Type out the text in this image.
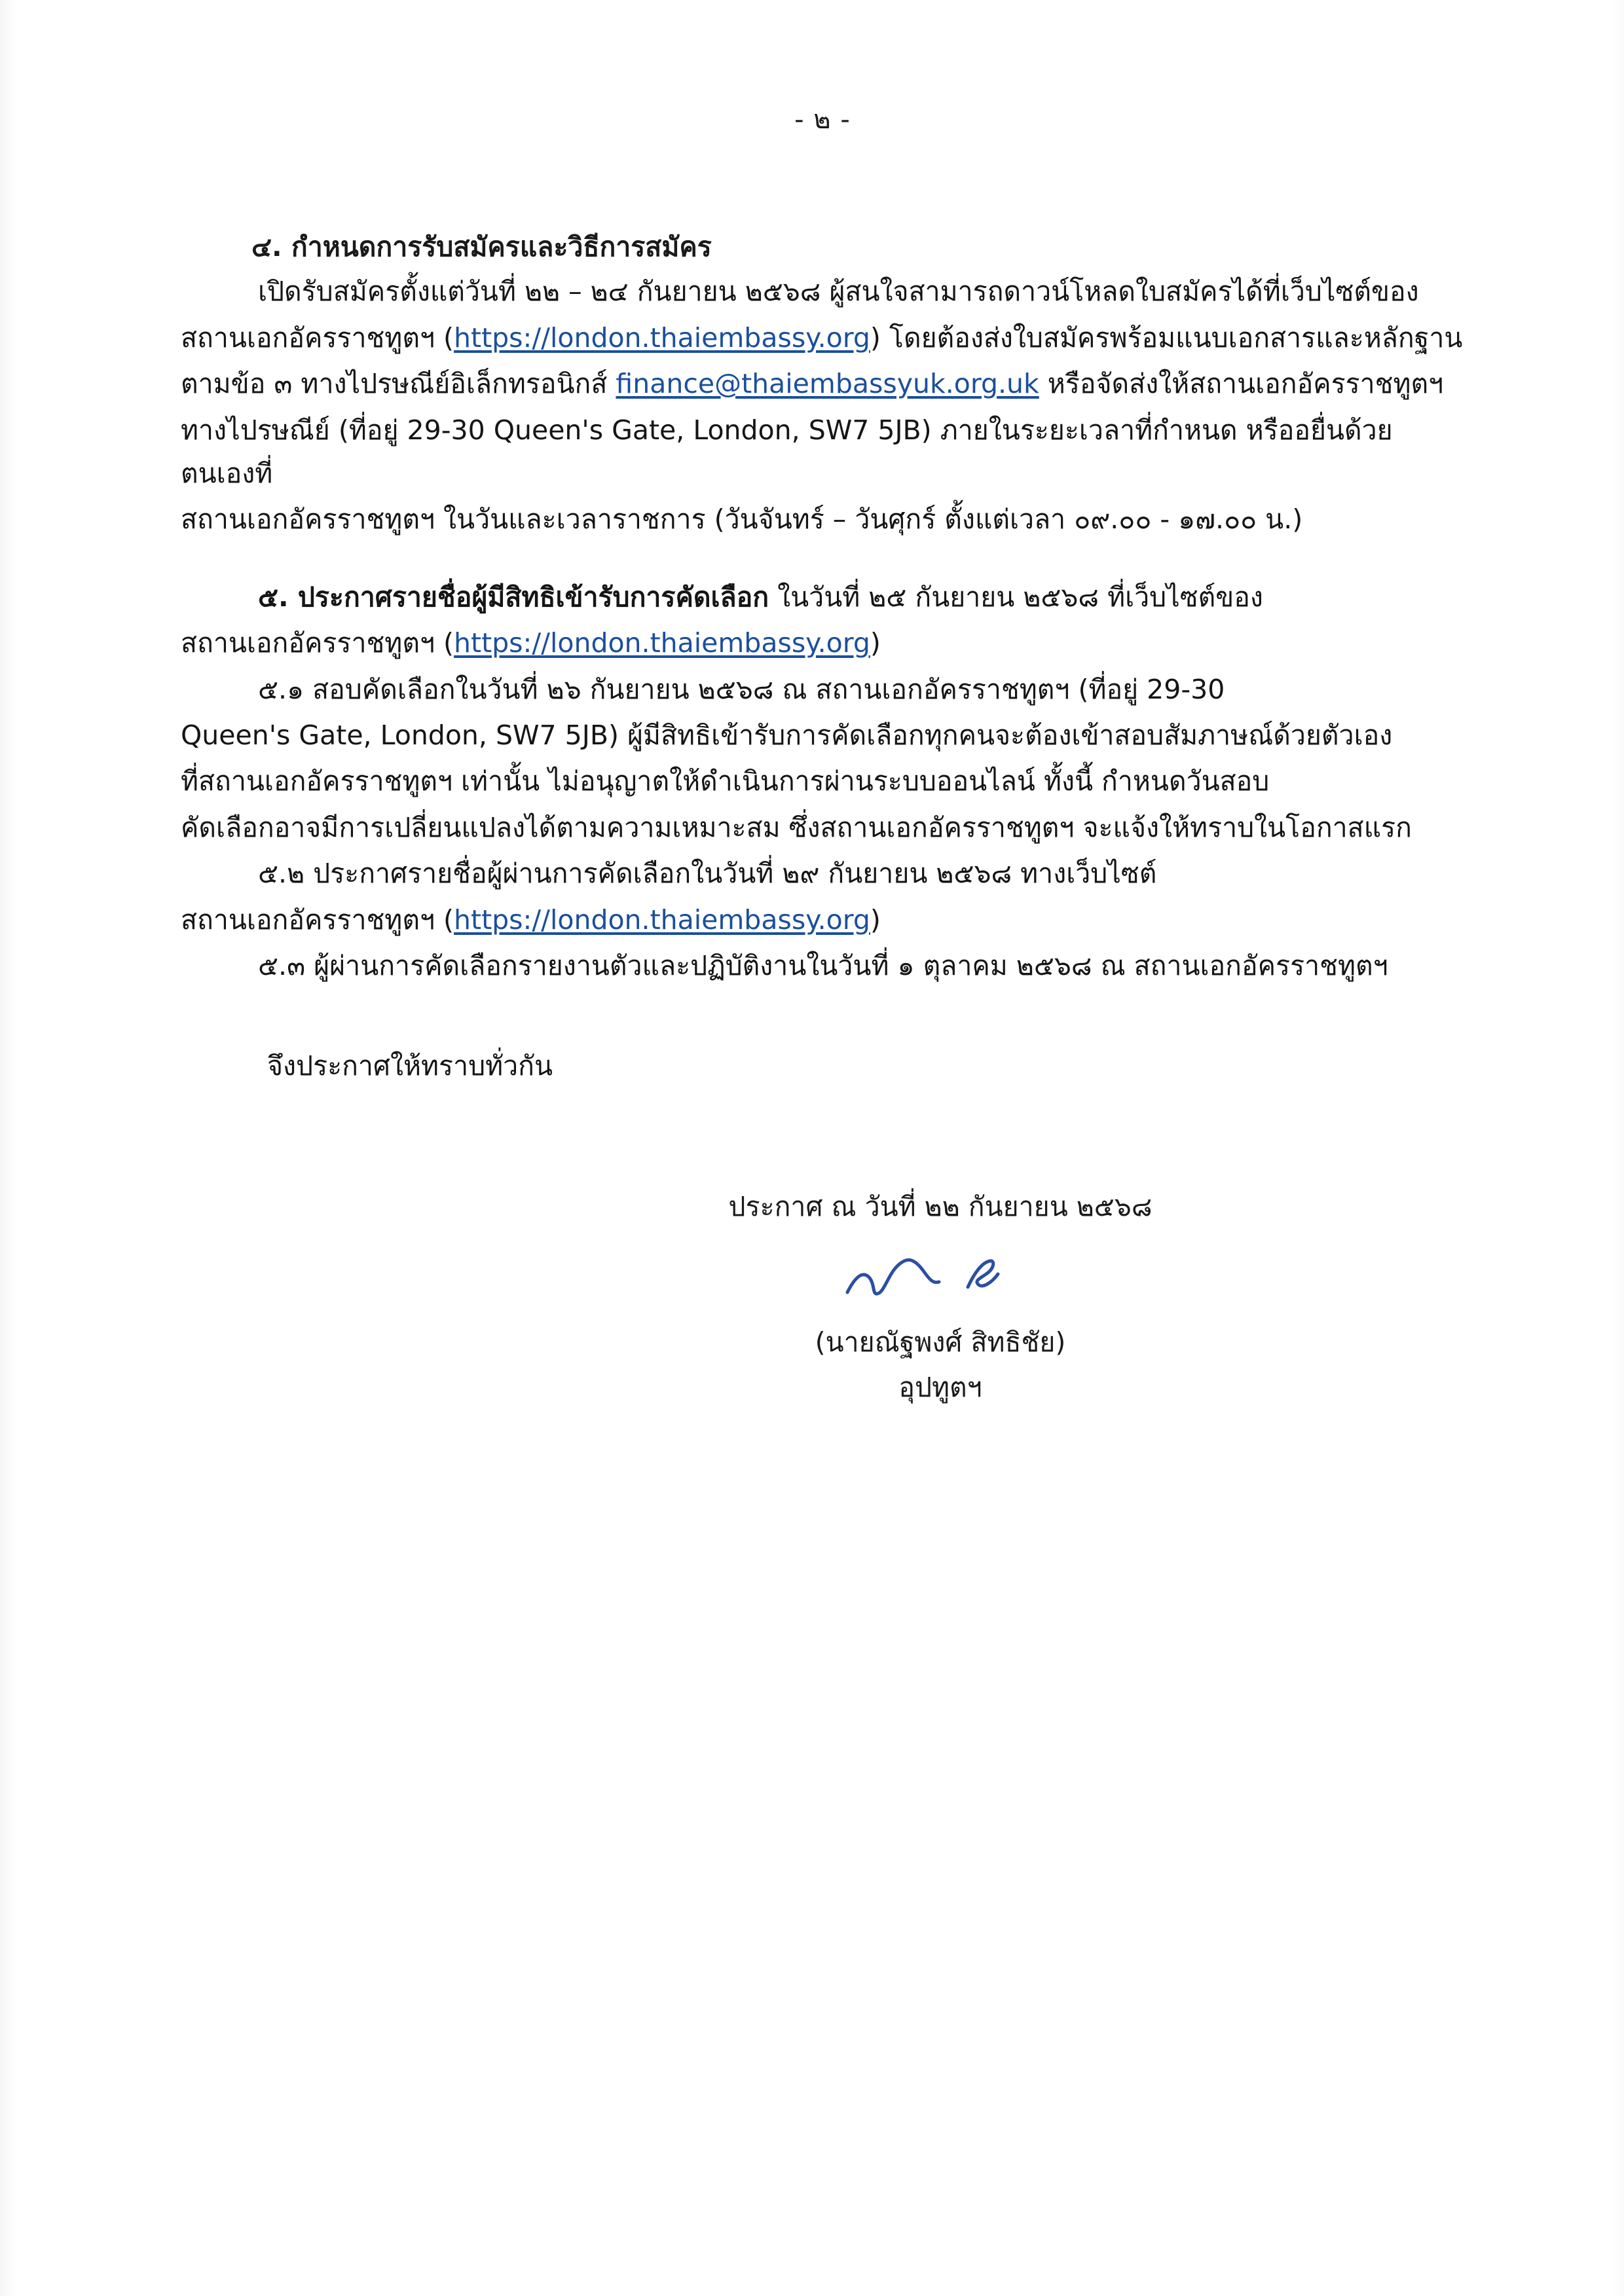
- ๒ -
๔. กำหนดการรับสมัครและวิธีการสมัคร

เปิดรับสมัครตั้งแต่วันที่ ๒๒ – ๒๔ กันยายน ๒๕๖๘ ผู้สนใจสามารถดาวน์โหลดใบสมัครได้ที่เว็บไซต์ของ

สถานเอกอัครราชทูตฯ (https://london.thaiembassy.org) โดยต้องส่งใบสมัครพร้อมแนบเอกสารและหลักฐาน

ตามข้อ ๓ ทางไปรษณีย์อิเล็กทรอนิกส์ finance@thaiembassyuk.org.uk หรือจัดส่งให้สถานเอกอัครราชทูตฯ

ทางไปรษณีย์ (ที่อยู่ 29-30 Queen's Gate, London, SW7 5JB) ภายในระยะเวลาที่กำหนด หรืออยื่นด้วยตนเองที่

สถานเอกอัครราชทูตฯ ในวันและเวลาราชการ (วันจันทร์ – วันศุกร์ ตั้งแต่เวลา ๐๙.๐๐ - ๑๗.๐๐ น.)

๕. ประกาศรายชื่อผู้มีสิทธิเข้ารับการคัดเลือก ในวันที่ ๒๕ กันยายน ๒๕๖๘ ที่เว็บไซต์ของ

สถานเอกอัครราชทูตฯ (https://london.thaiembassy.org)

๕.๑ สอบคัดเลือกในวันที่ ๒๖ กันยายน ๒๕๖๘ ณ สถานเอกอัครราชทูตฯ (ที่อยู่ 29-30

Queen's Gate, London, SW7 5JB) ผู้มีสิทธิเข้ารับการคัดเลือกทุกคนจะต้องเข้าสอบสัมภาษณ์ด้วยตัวเอง

ที่สถานเอกอัครราชทูตฯ เท่านั้น ไม่อนุญาตให้ดำเนินการผ่านระบบออนไลน์ ทั้งนี้ กำหนดวันสอบ

คัดเลือกอาจมีการเปลี่ยนแปลงได้ตามความเหมาะสม ซึ่งสถานเอกอัครราชทูตฯ จะแจ้งให้ทราบในโอกาสแรก

๕.๒ ประกาศรายชื่อผู้ผ่านการคัดเลือกในวันที่ ๒๙ กันยายน ๒๕๖๘ ทางเว็บไซต์

สถานเอกอัครราชทูตฯ (https://london.thaiembassy.org)

๕.๓ ผู้ผ่านการคัดเลือกรายงานตัวและปฏิบัติงานในวันที่ ๑ ตุลาคม ๒๕๖๘ ณ สถานเอกอัครราชทูตฯ

จึงประกาศให้ทราบทั่วกัน

ประกาศ ณ วันที่ ๒๒ กันยายน ๒๕๖๘
(นายณัฐพงศ์ สิทธิชัย)
อุปทูตฯ
